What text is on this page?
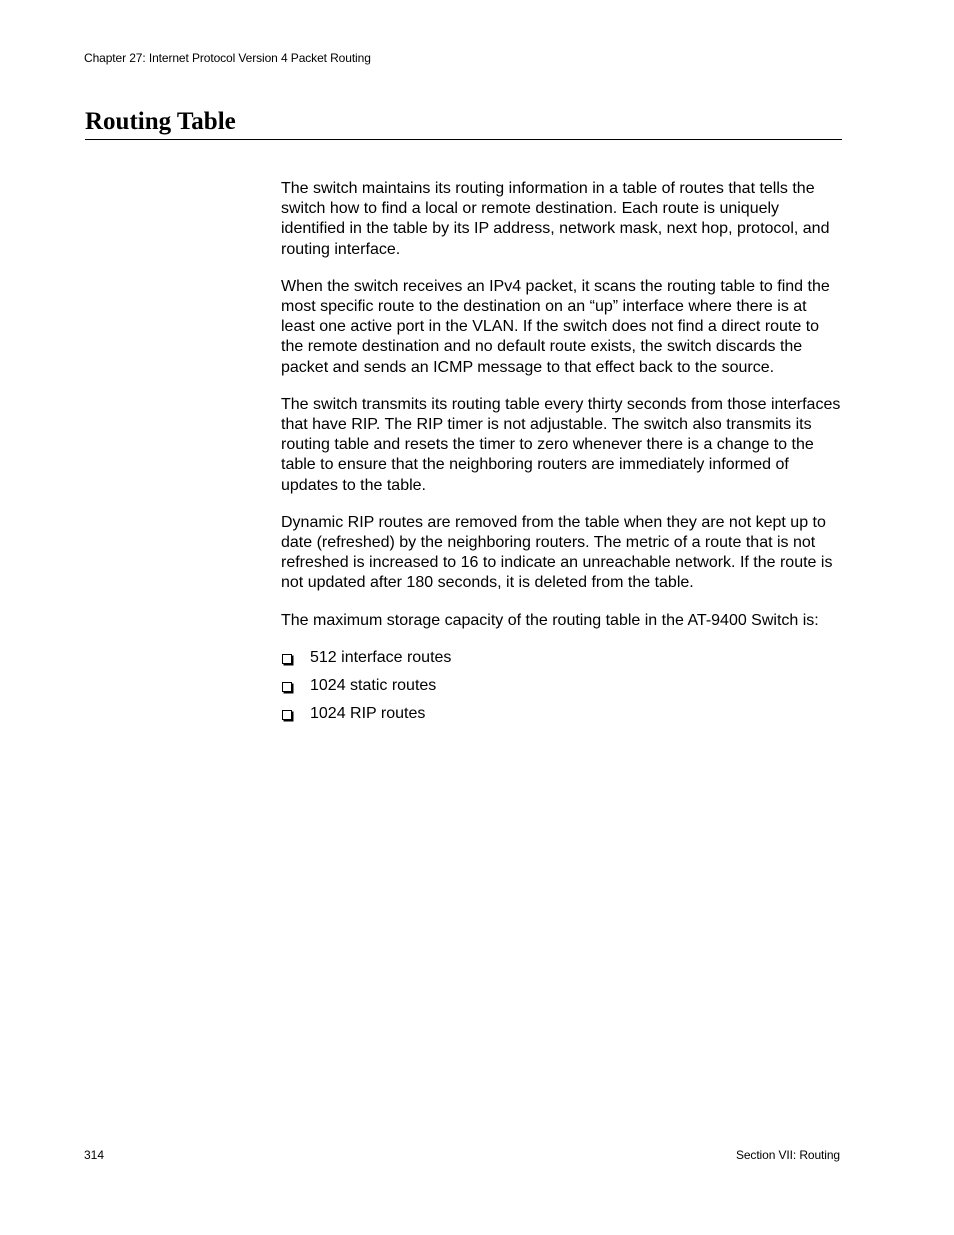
Chapter 27: Internet Protocol Version 4 Packet Routing
Routing Table

The switch maintains its routing information in a table of routes that tells the switch how to find a local or remote destination. Each route is uniquely identified in the table by its IP address, network mask, next hop, protocol, and routing interface.

When the switch receives an IPv4 packet, it scans the routing table to find the most specific route to the destination on an “up” interface where there is at least one active port in the VLAN. If the switch does not find a direct route to the remote destination and no default route exists, the switch discards the packet and sends an ICMP message to that effect back to the source.

The switch transmits its routing table every thirty seconds from those interfaces that have RIP. The RIP timer is not adjustable. The switch also transmits its routing table and resets the timer to zero whenever there is a change to the table to ensure that the neighboring routers are immediately informed of updates to the table.

Dynamic RIP routes are removed from the table when they are not kept up to date (refreshed) by the neighboring routers. The metric of a route that is not refreshed is increased to 16 to indicate an unreachable network. If the route is not updated after 180 seconds, it is deleted from the table.

The maximum storage capacity of the routing table in the AT-9400 Switch is:

512 interface routes
1024 static routes
1024 RIP routes
314	Section VII: Routing
